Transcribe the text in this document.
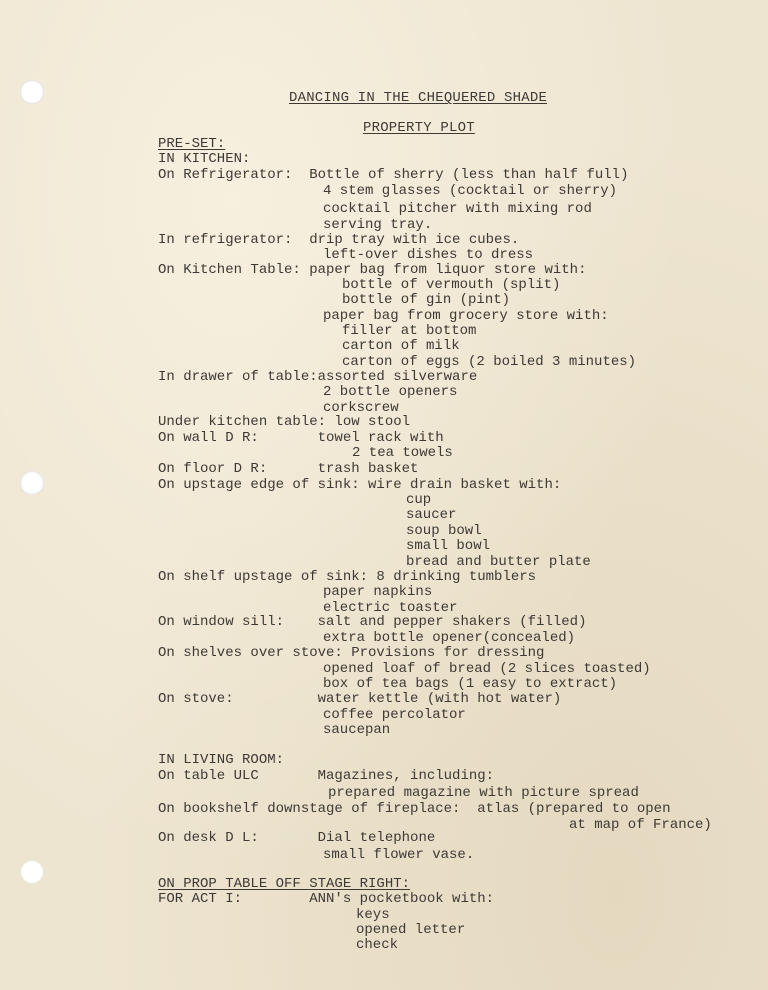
DANCING IN THE CHEQUERED SHADE
PROPERTY PLOT
PRE-SET:
IN KITCHEN:
On Refrigerator:  Bottle of sherry (less than half full)
4 stem glasses (cocktail or sherry)
cocktail pitcher with mixing rod
serving tray.
In refrigerator:  drip tray with ice cubes.
left-over dishes to dress
On Kitchen Table: paper bag from liquor store with:
bottle of vermouth (split)
bottle of gin (pint)
paper bag from grocery store with:
filler at bottom
carton of milk
carton of eggs (2 boiled 3 minutes)
In drawer of table:assorted silverware
2 bottle openers
corkscrew
Under kitchen table: low stool
On wall D R:       towel rack with
2 tea towels
On floor D R:      trash basket
On upstage edge of sink: wire drain basket with:
cup
saucer
soup bowl
small bowl
bread and butter plate
On shelf upstage of sink: 8 drinking tumblers
paper napkins
electric toaster
On window sill:    salt and pepper shakers (filled)
extra bottle opener(concealed)
On shelves over stove: Provisions for dressing
opened loaf of bread (2 slices toasted)
box of tea bags (1 easy to extract)
On stove:          water kettle (with hot water)
coffee percolator
saucepan
IN LIVING ROOM:
On table ULC       Magazines, including:
prepared magazine with picture spread
On bookshelf downstage of fireplace:  atlas (prepared to open
at map of France)
On desk D L:       Dial telephone
small flower vase.
ON PROP TABLE OFF STAGE RIGHT:
FOR ACT I:        ANN's pocketbook with:
keys
opened letter
check
